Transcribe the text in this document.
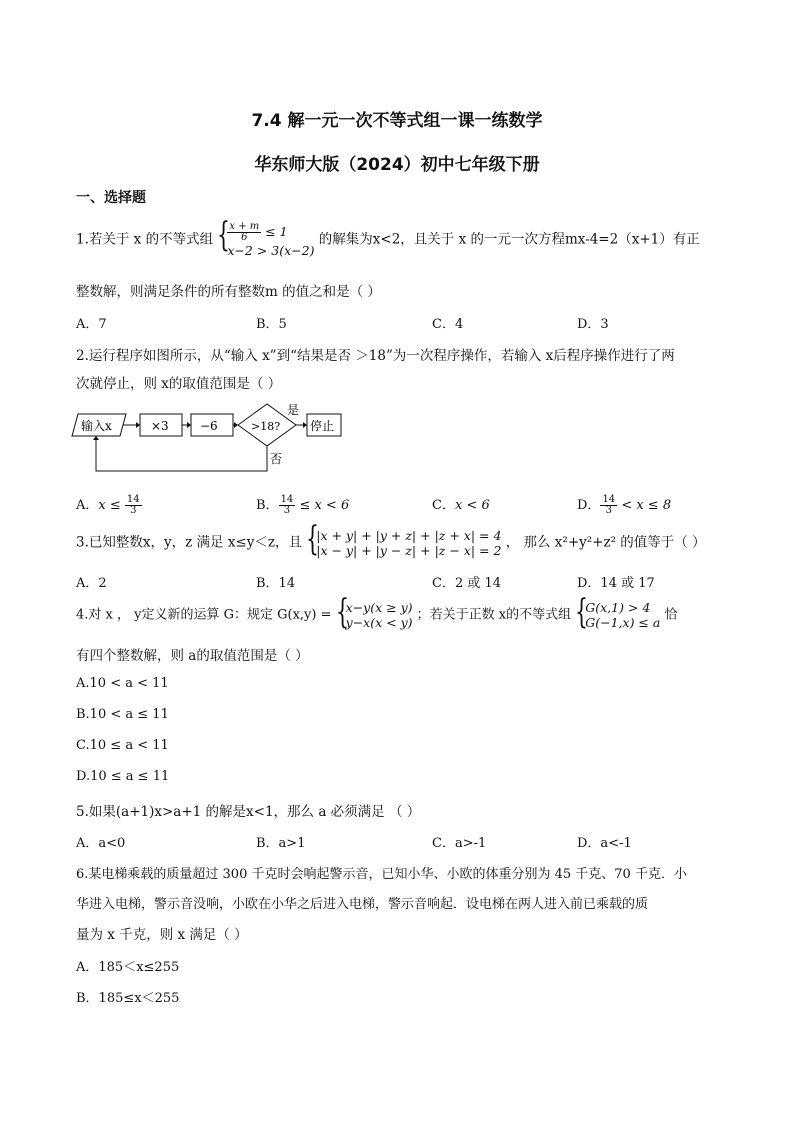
7.4 解一元一次不等式组一课一练数学
华东师大版（2024）初中七年级下册
一、选择题
1.若关于 x 的不等式组 {
$\frac{x + m}{6} \le 1$
x−2 > 3(x−2)
的解集为x<2，且关于 x 的一元一次方程mx-4=2（x+1）有正
整数解，则满足条件的所有整数m 的值之和是（ ）
A．7	B．5	C．4	D．3
2.运行程序如图所示，从“输入 x”到“结果是否 ＞18”为一次程序操作，若输入 x后程序操作进行了两
次就停止，则 x的取值范围是（ ）
输入x	×3	−6	>18?
是
停止
否
A．$x \le \frac{14}{3}$	B． $\frac{14}{3} \le x < 6$	C．x < 6	D． $\frac{14}{3} < x \le 8$
3.已知整数x，y，z 满足 x≤y＜z，且 {
|x + y| + |y + z| + |z + x| = 4
|x − y| + |y − z| + |z − x| = 2 ， 那么 x²+y²+z² 的值等于（ ）
A．2	B．14	C．2 或 14	D．14 或 17
4.对 x ， y定义新的运算 G：规定 G(x,y) = {
x−y(x ≥ y)
y−x(x < y) ；若关于正数 x的不等式组 {
G(x,1) > 4
G(−1,x) ≤ a 恰
有四个整数解，则 a的取值范围是（ ）
A.10 < a < 11
B.10 < a ≤ 11
C.10 ≤ a < 11
D.10 ≤ a ≤ 11
5.如果(a+1)x>a+1 的解是x<1，那么 a 必须满足 （ ）
A．a<0	B．a>1	C．a>-1	D．a<-1
6.某电梯乘载的质量超过 300 千克时会响起警示音，已知小华、小欧的体重分别为 45 千克、70 千克．小
华进入电梯，警示音没响，小欧在小华之后进入电梯，警示音响起．设电梯在两人进入前已乘载的质
量为 x 千克，则 x 满足（ ）
A．185＜x≤255
B．185≤x＜255
